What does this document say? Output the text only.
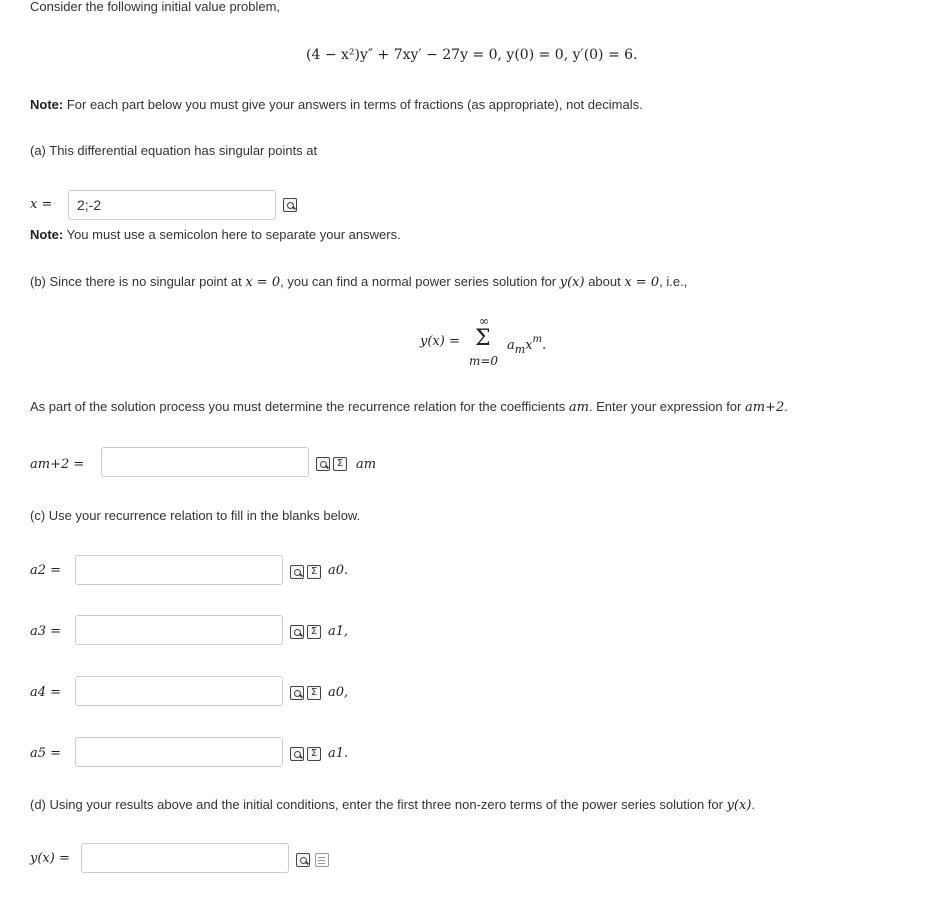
Consider the following initial value problem,
(4 − x²)y″ + 7xy′ − 27y = 0, y(0) = 0, y′(0) = 6.
Note: For each part below you must give your answers in terms of fractions (as appropriate), not decimals.
(a) This differential equation has singular points at
x =	2;-2
Note: You must use a semicolon here to separate your answers.
(b) Since there is no singular point at x = 0, you can find a normal power series solution for y(x) about x = 0, i.e.,
y(x) =
∞
Σ
m=0
$a_mx^m$.
As part of the solution process you must determine the recurrence relation for the coefficients am. Enter your expression for am+2.
am+2 =	Σ am
(c) Use your recurrence relation to fill in the blanks below.
a2 =	Σ a0.
a3 =	Σ a1,
a4 =	Σ a0,
a5 =	Σ a1.
(d) Using your results above and the initial conditions, enter the first three non-zero terms of the power series solution for y(x).
y(x) =
